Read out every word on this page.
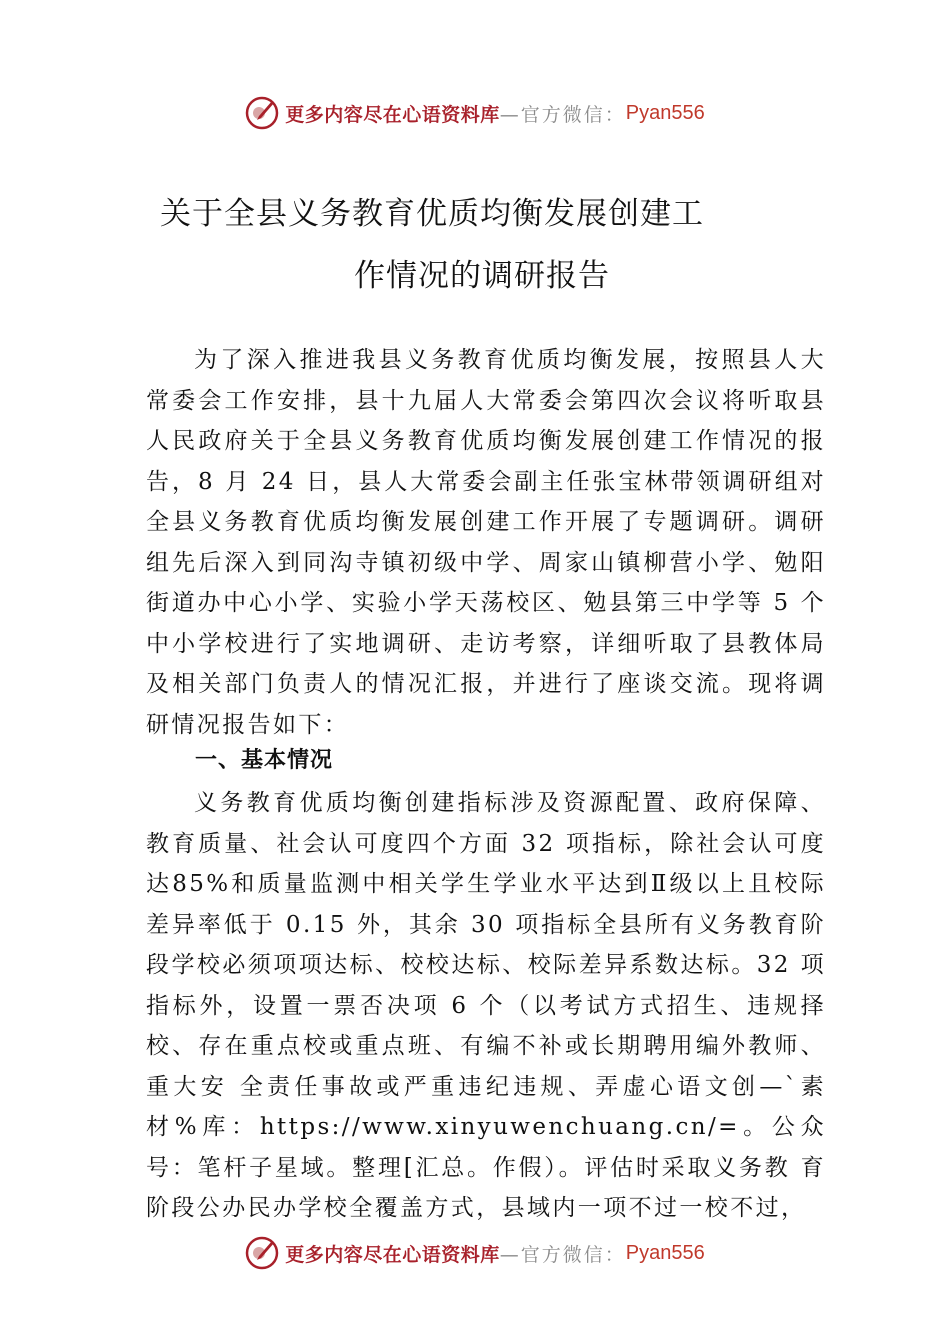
更多内容尽在心语资料库 —官方微信： Pyan556
关于全县义务教育优质均衡发展创建工
作情况的调研报告
为了深入推进我县义务教育优质均衡发展，按照县人大常委会工作安排，县十九届人大常委会第四次会议将听取县人民政府关于全县义务教育优质均衡发展创建工作情况的报告，8 月 24 日，县人大常委会副主任张宝林带领调研组对全县义务教育优质均衡发展创建工作开展了专题调研。调研组先后深入到同沟寺镇初级中学、周家山镇柳营小学、勉阳街道办中心小学、实验小学天荡校区、勉县第三中学等 5 个中小学校进行了实地调研、走访考察，详细听取了县教体局及相关部门负责人的情况汇报，并进行了座谈交流。现将调研情况报告如下：
一、基本情况
义务教育优质均衡创建指标涉及资源配置、政府保障、教育质量、社会认可度四个方面 32 项指标，除社会认可度达85%和质量监测中相关学生学业水平达到Ⅱ级以上且校际差异率低于 0.15 外，其余 30 项指标全县所有义务教育阶段学校必须项项达标、校校达标、校际差异系数达标。32 项指标外，设置一票否决项 6 个（以考试方式招生、违规择校、存在重点校或重点班、有编不补或长期聘用编外教师、重大安 全责任事故或严重违纪违规、弄虚心语文创—`素材%库：https://www.xinyuwenchuang.cn/=。公众号：笔杆子星域。整理[汇总。作假）。评估时采取义务教 育阶段公办民办学校全覆盖方式，县域内一项不过一校不过，
更多内容尽在心语资料库 —官方微信： Pyan556
